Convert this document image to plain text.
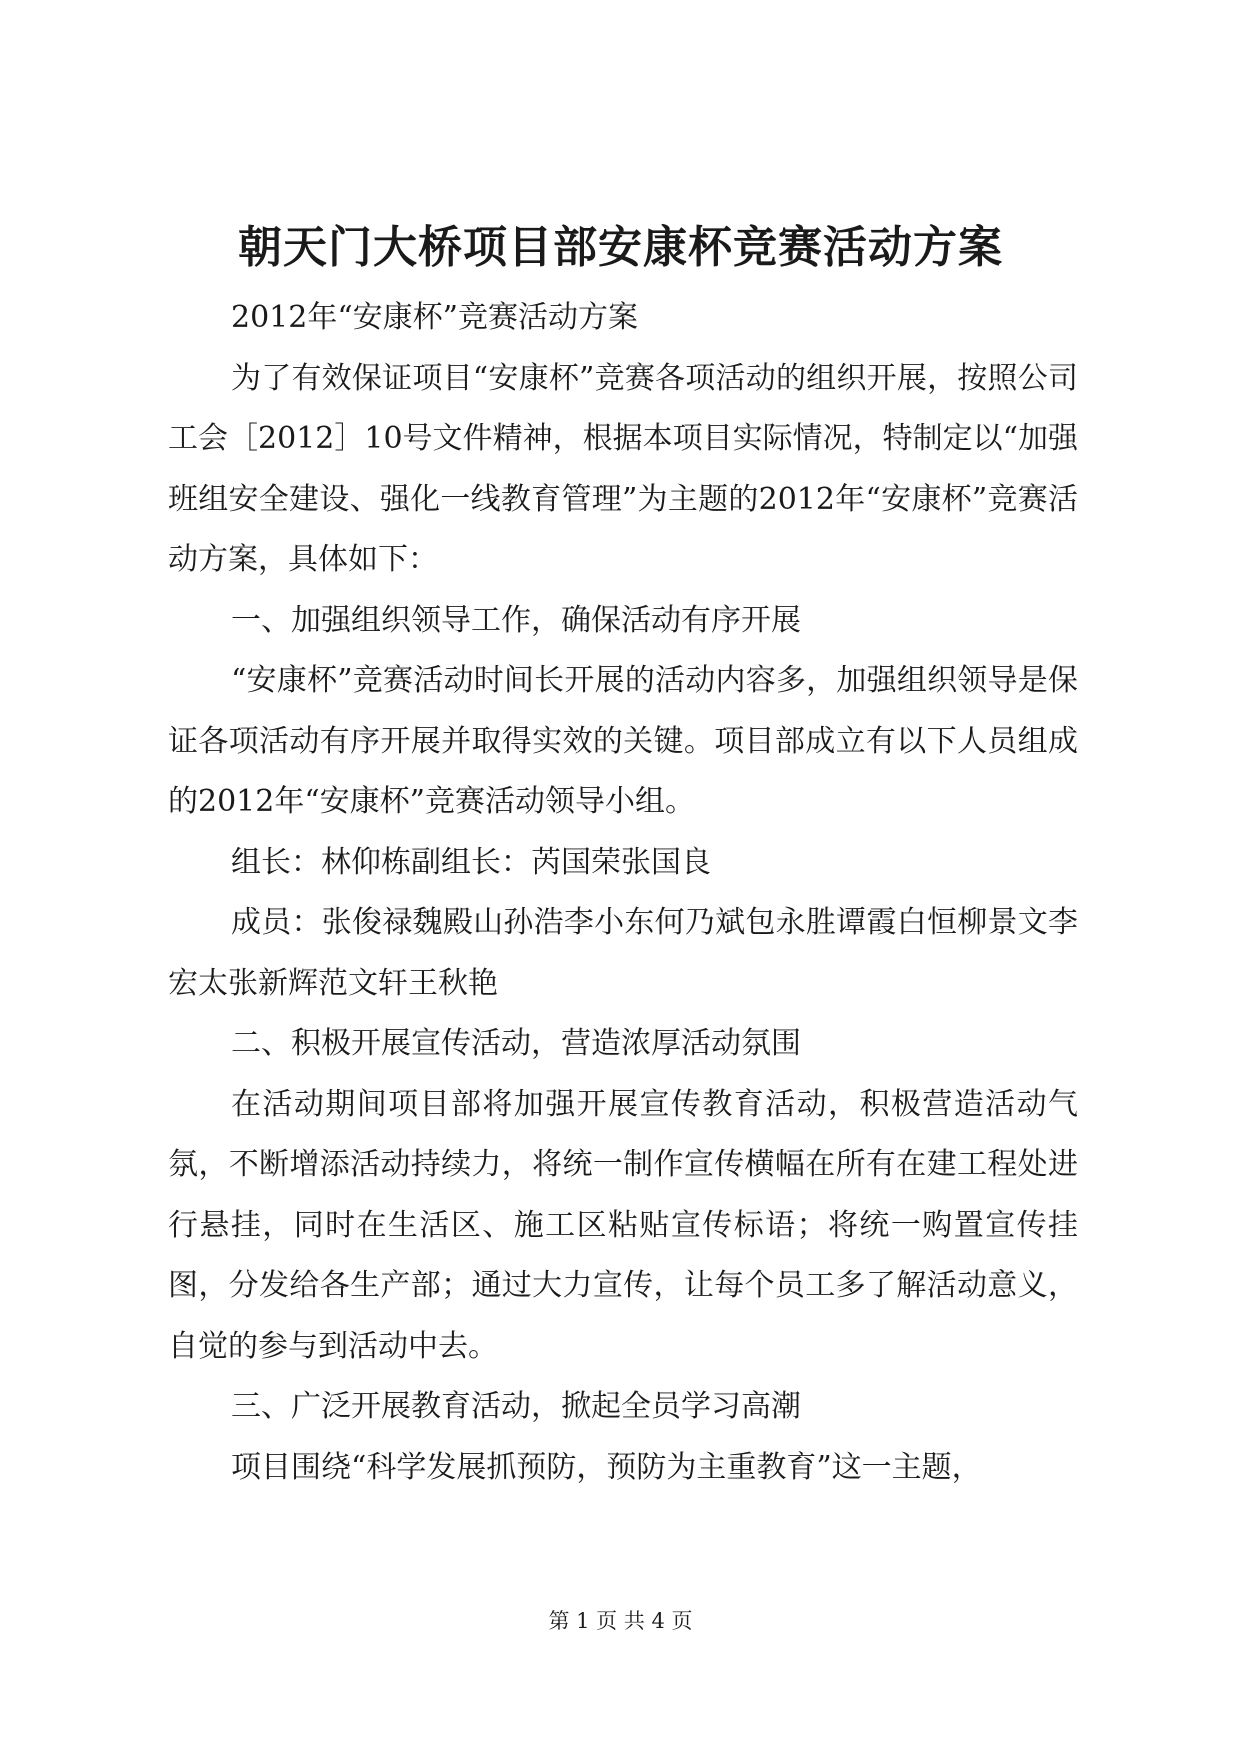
朝天门大桥项目部安康杯竞赛活动方案

2012年“安康杯”竞赛活动方案

为了有效保证项目“安康杯”竞赛各项活动的组织开展，按照公司工会［2012］10号文件精神，根据本项目实际情况，特制定以“加强班组安全建设、强化一线教育管理”为主题的2012年“安康杯”竞赛活动方案，具体如下：

一、加强组织领导工作，确保活动有序开展

“安康杯”竞赛活动时间长开展的活动内容多，加强组织领导是保证各项活动有序开展并取得实效的关键。项目部成立有以下人员组成的2012年“安康杯”竞赛活动领导小组。

组长：林仰栋副组长：芮国荣张国良

成员：张俊禄魏殿山孙浩李小东何乃斌包永胜谭霞白恒柳景文李宏太张新辉范文轩王秋艳

二、积极开展宣传活动，营造浓厚活动氛围

在活动期间项目部将加强开展宣传教育活动，积极营造活动气氛，不断增添活动持续力，将统一制作宣传横幅在所有在建工程处进行悬挂，同时在生活区、施工区粘贴宣传标语；将统一购置宣传挂图，分发给各生产部；通过大力宣传，让每个员工多了解活动意义，自觉的参与到活动中去。

三、广泛开展教育活动，掀起全员学习高潮

项目围绕“科学发展抓预防，预防为主重教育”这一主题，

第 1 页 共 4 页
